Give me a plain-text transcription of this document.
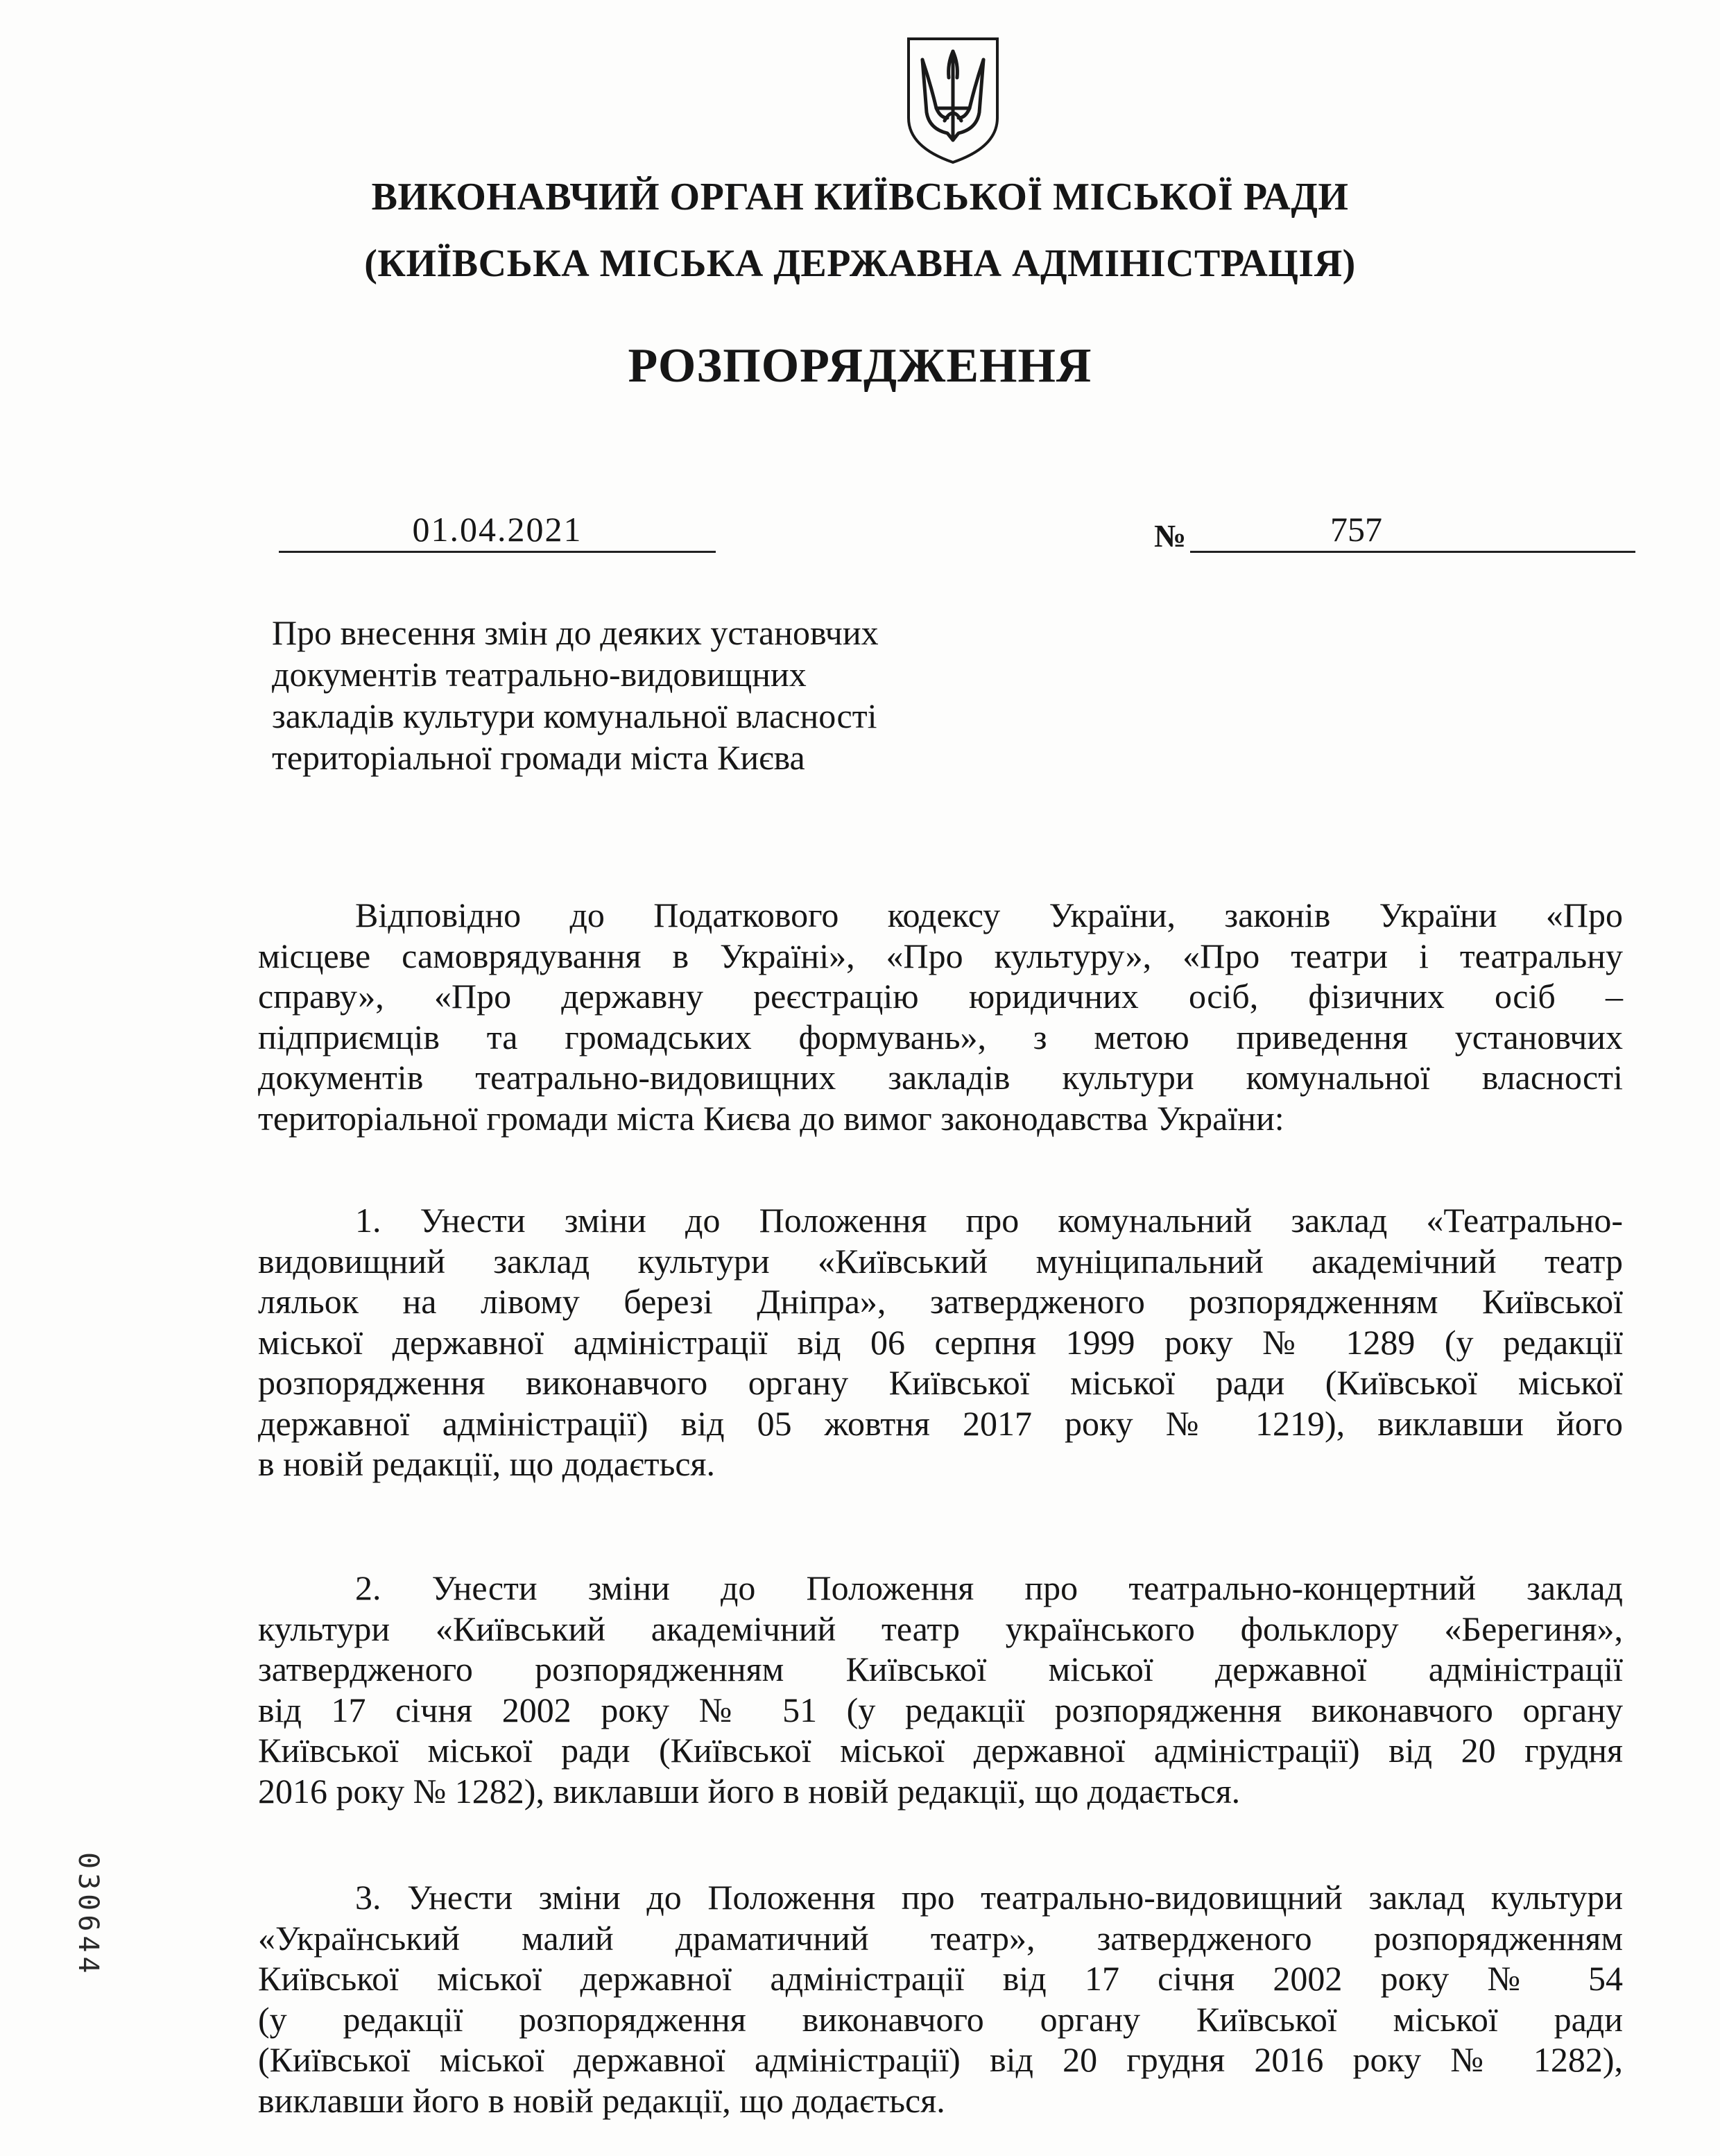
ВИКОНАВЧИЙ ОРГАН КИЇВСЬКОЇ МІСЬКОЇ РАДИ
(КИЇВСЬКА МІСЬКА ДЕРЖАВНА АДМІНІСТРАЦІЯ)
РОЗПОРЯДЖЕННЯ
01.04.2021	№	757
Про внесення змін до деяких установчих
документів театрально-видовищних
закладів культури комунальної власності
територіальної громади міста Києва
Відповідно до Податкового кодексу України, законів України «Про
місцеве самоврядування в Україні», «Про культуру», «Про театри і театральну
справу», «Про державну реєстрацію юридичних осіб, фізичних осіб –
підприємців та громадських формувань», з метою приведення установчих
документів театрально-видовищних закладів культури комунальної власності
територіальної громади міста Києва до вимог законодавства України:
1. Унести зміни до Положення про комунальний заклад «Театрально-
видовищний заклад культури «Київський муніципальний академічний театр
ляльок на лівому березі Дніпра», затвердженого розпорядженням Київської
міської державної адміністрації від 06 серпня 1999 року № 1289 (у редакції
розпорядження виконавчого органу Київської міської ради (Київської міської
державної адміністрації) від 05 жовтня 2017 року № 1219), виклавши його
в новій редакції, що додається.
2. Унести зміни до Положення про театрально-концертний заклад
культури «Київський академічний театр українського фольклору «Берегиня»,
затвердженого розпорядженням Київської міської державної адміністрації
від 17 січня 2002 року № 51 (у редакції розпорядження виконавчого органу
Київської міської ради (Київської міської державної адміністрації) від 20 грудня
2016 року № 1282), виклавши його в новій редакції, що додається.
3. Унести зміни до Положення про театрально-видовищний заклад культури
«Український малий драматичний театр», затвердженого розпорядженням
Київської міської державної адміністрації від 17 січня 2002 року № 54
(у редакції розпорядження виконавчого органу Київської міської ради
(Київської міської державної адміністрації) від 20 грудня 2016 року № 1282),
виклавши його в новій редакції, що додається.
030644
